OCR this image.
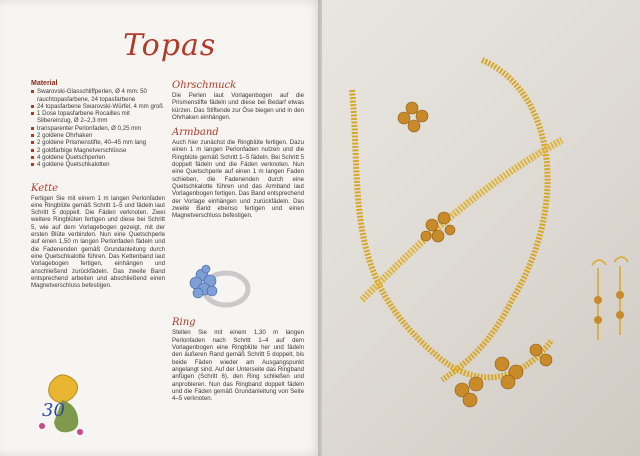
Topas
Material
Swarovski-Glasschliffperlen, Ø 4 mm: 50 rauchtopasfarbene, 24 topasfarbene
24 topasfarbene Swarovski-Würfel, 4 mm groß
1 Dose topasfarbene Rocailles mit Silbereinzug, Ø 2–2,3 mm
transparenter Perlonfaden, Ø 0,25 mm
2 goldene Ohrhaken
2 goldene Prismenstifte, 40–45 mm lang
2 goldfarbige Magnetverschlüsse
4 goldene Quetschperlen
4 goldene Quetschkalotten
Kette

Fertigen Sie mit einem 1 m langen Perlonfaden eine Ringblüte gemäß Schritt 1–5 und fädeln laut Schritt 5 doppelt. Die Fäden verknoten. Zwei weitere Ringblüten fertigen und diese bei Schritt 5, wie auf dem Vorlagebogen gezeigt, mit der ersten Blüte verbinden. Nun eine Quetschperle auf einen 1,50 m langen Perlonfaden fädeln und die Fadenenden gemäß Grundanleitung durch eine Quetschkalotte führen. Das Kettenband laut Vorlagebogen fertigen, einhängen und anschließend zurückfädeln. Das zweite Band entsprechend arbeiten und abschließend einen Magnetverschluss befestigen.

Ohrschmuck

Die Perlen laut Vorlagenbogen auf die Prismenstifte fädeln und diese bei Bedarf etwas kürzen. Das Stiftende zur Öse biegen und in den Ohrhaken einhängen.

Armband

Auch hier zunächst die Ringblüte fertigen. Dazu einen 1 m langen Perlonfaden nutzen und die Ringblüte gemäß Schritt 1–5 fädeln. Bei Schritt 5 doppelt fädeln und die Fäden verknoten. Nun eine Quetschperle auf einen 1 m langen Faden schieben, die Fadenenden durch eine Quetschkalotte führen und das Armband laut Vorlagenbogen fertigen. Das Band entsprechend der Vorlage einhängen und zurückfädeln. Das zweite Band ebenso fertigen und einen Magnetverschluss befestigen.

Ring

Stellen Sie mit einem 1,30 m langen Perlonfaden nach Schritt 1–4 auf dem Vorlagenbogen eine Ringblüte her und fädeln den äußeren Rand gemäß Schritt 5 doppelt, bis beide Fäden wieder am Ausgangspunkt angelangt sind. Auf der Unterseite das Ringband anfügen (Schritt 6), den Ring schließen und anprobieren. Nun das Ringband doppelt fädeln und die Fäden gemäß Grundanleitung von Seite 4–5 verknoten.

30
